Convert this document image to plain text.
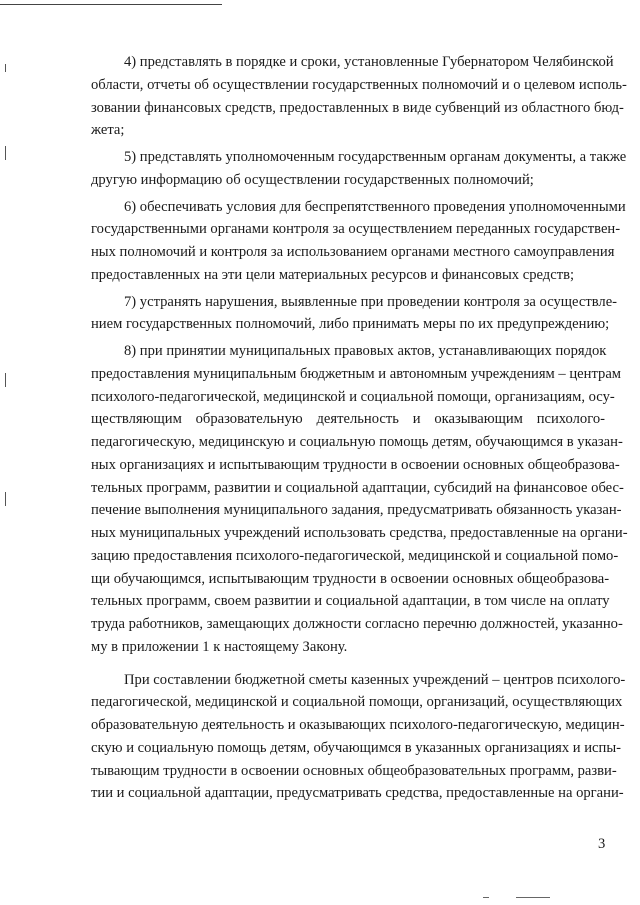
4) представлять в порядке и сроки, установленные Губернатором Челябинской
области, отчеты об осуществлении государственных полномочий и о целевом исполь-
зовании финансовых средств, предоставленных в виде субвенций из областного бюд-
жета;
5) представлять уполномоченным государственным органам документы, а также
другую информацию об осуществлении государственных полномочий;
6) обеспечивать условия для беспрепятственного проведения уполномоченными
государственными органами контроля за осуществлением переданных государствен-
ных полномочий и контроля за использованием органами местного самоуправления
предоставленных на эти цели материальных ресурсов и финансовых средств;
7) устранять нарушения, выявленные при проведении контроля за осуществле-
нием государственных полномочий, либо принимать меры по их предупреждению;
8) при принятии муниципальных правовых актов, устанавливающих порядок
предоставления муниципальным бюджетным и автономным учреждениям – центрам
психолого-педагогической, медицинской и социальной помощи, организациям, осу-
ществляющим образовательную деятельность и оказывающим психолого-
педагогическую, медицинскую и социальную помощь детям, обучающимся в указан-
ных организациях и испытывающим трудности в освоении основных общеобразова-
тельных программ, развитии и социальной адаптации, субсидий на финансовое обес-
печение выполнения муниципального задания, предусматривать обязанность указан-
ных муниципальных учреждений использовать средства, предоставленные на органи-
зацию предоставления психолого-педагогической, медицинской и социальной помо-
щи обучающимся, испытывающим трудности в освоении основных общеобразова-
тельных программ, своем развитии и социальной адаптации, в том числе на оплату
труда работников, замещающих должности согласно перечню должностей, указанно-
му в приложении 1 к настоящему Закону.
При составлении бюджетной сметы казенных учреждений – центров психолого-
педагогической, медицинской и социальной помощи, организаций, осуществляющих
образовательную деятельность и оказывающих психолого-педагогическую, медицин-
скую и социальную помощь детям, обучающимся в указанных организациях и испы-
тывающим трудности в освоении основных общеобразовательных программ, разви-
тии и социальной адаптации, предусматривать средства, предоставленные на органи-
3
